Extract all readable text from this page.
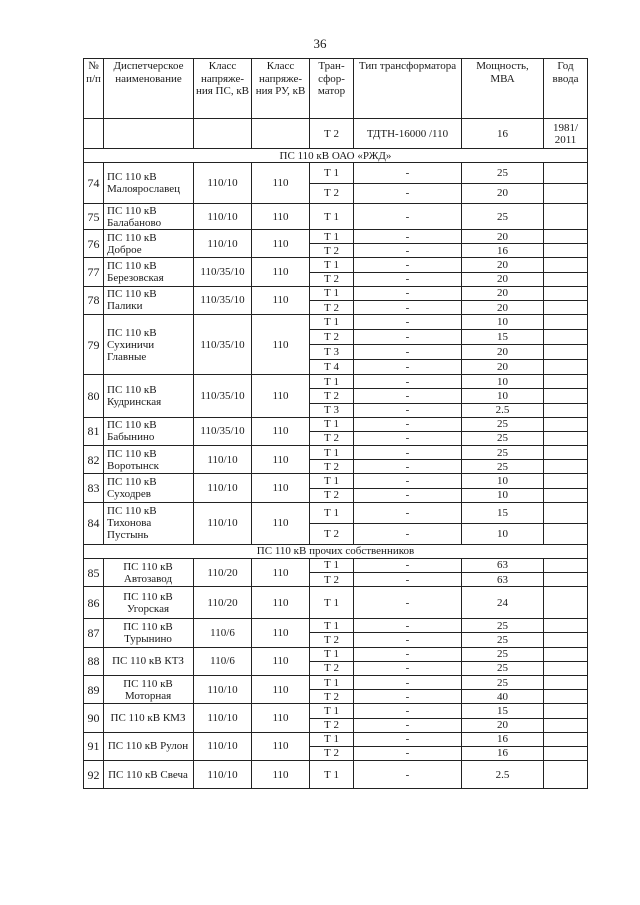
36
№ п/п	Диспетчерское наименование	Класс напряже-ния ПС, кВ	Класс напряже-ния РУ, кВ	Тран-сфор-матор	Тип трансформатора	Мощность, МВА	Год ввода
				Т 2	ТДТН-16000 /110	16	1981/ 2011
ПС 110 кВ ОАО «РЖД»							
74	ПС 110 кВ Малоярославец	110/10	110	Т 1	-	25	
				Т 2	-	20	
75	ПС 110 кВ Балабаново	110/10	110	Т 1	-	25	
76	ПС 110 кВ Доброе	110/10	110	Т 1	-	20	
				Т 2	-	16	
77	ПС 110 кВ Березовская	110/35/10	110	Т 1	-	20	
				Т 2	-	20	
78	ПС 110 кВ Палики	110/35/10	110	Т 1	-	20	
				Т 2	-	20	
79	ПС 110 кВ Сухиничи Главные	110/35/10	110	Т 1	-	10	
				Т 2	-	15	
				Т 3	-	20	
				Т 4	-	20	
80	ПС 110 кВ Кудринская	110/35/10	110	Т 1	-	10	
				Т 2	-	10	
				Т 3	-	2.5	
81	ПС 110 кВ Бабынино	110/35/10	110	Т 1	-	25	
				Т 2	-	25	
82	ПС 110 кВ Воротынск	110/10	110	Т 1	-	25	
				Т 2	-	25	
83	ПС 110 кВ Суходрев	110/10	110	Т 1	-	10	
				Т 2	-	10	
84	ПС 110 кВ Тихонова Пустынь	110/10	110	Т 1	-	15	
				Т 2	-	10	
ПС 110 кВ прочих собственников							
85	ПС 110 кВ Автозавод	110/20	110	Т 1	-	63	
				Т 2	-	63	
86	ПС 110 кВ Угорская	110/20	110	Т 1	-	24	
87	ПС 110 кВ Турынино	110/6	110	Т 1	-	25	
				Т 2	-	25	
88	ПС 110 кВ КТЗ	110/6	110	Т 1	-	25	
				Т 2	-	25	
89	ПС 110 кВ Моторная	110/10	110	Т 1	-	25	
				Т 2	-	40	
90	ПС 110 кВ КМЗ	110/10	110	Т 1	-	15	
				Т 2	-	20	
91	ПС 110 кВ Рулон	110/10	110	Т 1	-	16	
				Т 2	-	16	
92	ПС 110 кВ Свеча	110/10	110	Т 1	-	2.5	
